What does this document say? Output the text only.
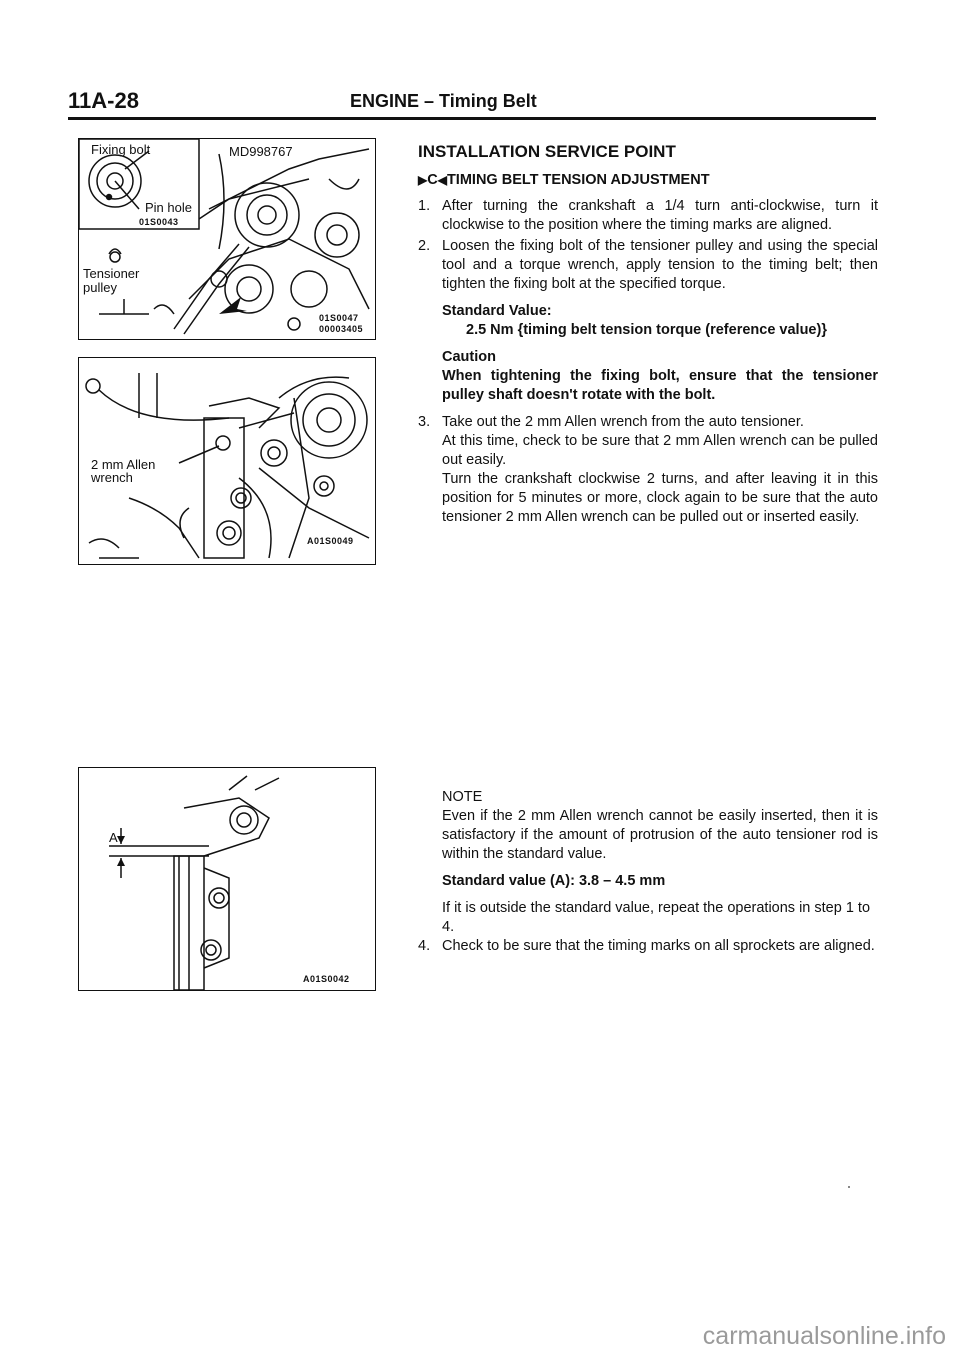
11A-28	ENGINE – Timing Belt
Fixing bolt	MD998767
Pin hole
01S0043
Tensioner
pulley
01S0047
00003405
2 mm Allen
wrench
A01S0049
A
A01S0042

INSTALLATION SERVICE POINT

▶C◀TIMING BELT TENSION ADJUSTMENT

1. After turning the crankshaft a 1/4 turn anti-clockwise, turn it clockwise to the position where the timing marks are aligned.
2. Loosen the fixing bolt of the tensioner pulley and using the special tool and a torque wrench, apply tension to the timing belt; then tighten the fixing bolt at the specified torque.

Standard Value:

2.5 Nm {timing belt tension torque (reference value)}

Caution

When tightening the fixing bolt, ensure that the tensioner pulley shaft doesn't rotate with the bolt.

3. Take out the 2 mm Allen wrench from the auto tensioner.

At this time, check to be sure that 2 mm Allen wrench can be pulled out easily.

Turn the crankshaft clockwise 2 turns, and after leaving it in this position for 5 minutes or more, clock again to be sure that the auto tensioner 2 mm Allen wrench can be pulled out or inserted easily.

NOTE

Even if the 2 mm Allen wrench cannot be easily inserted, then it is satisfactory if the amount of protrusion of the auto tensioner rod is within the standard value.

Standard value (A): 3.8 – 4.5 mm

If it is outside the standard value, repeat the operations in step 1 to 4.

4. Check to be sure that the timing marks on all sprockets are aligned.
carmanualsonline.info
